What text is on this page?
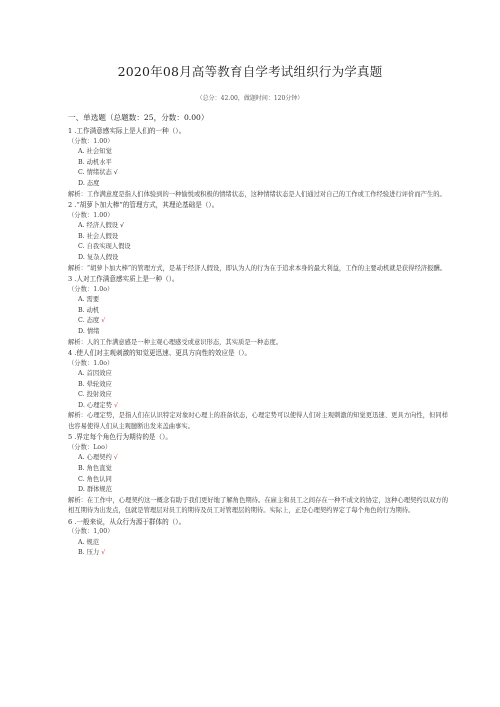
2020年08月高等教育自学考试组织行为学真题
（总分：42.00，做题时间：120分钟）
一、单选题（总题数：25，分数：0.00）
1 .工作满意感实际上是人们的一种（）。
（分数：1.00）
A. 社会知觉
B. 动机水平
C. 情绪状态 √
D. 态度
解析：工作满意度是指人们体验到的一种愉悦或积极的情绪状态，这种情绪状态是人们通过对自己的工作或工作经验进行评价而产生的。
2 .“胡萝卜加大棒”的管理方式，其理论基础是（）。
（分数：1.00）
A. 经济人假设 √
B. 社会人假设
C. 自我实现人假设
D. 复杂人假设
解析：“胡萝卜加大棒”的管理方式，是基于经济人假设，即认为人的行为在于追求本身的最大利益，工作的主要动机就是获得经济报酬。
3 .人对工作满意感实质上是一种（）。
（分数：1.0o）
A. 需要
B. 动机
C. 态度 √
D. 情绪
解析：人的工作满意感是一种主观心理感受或意识形态，其实质是一种态度。
4 .使人们对主观刺激的知觉更迅速、更具方向性的效应是（）。
（分数：1.0o）
A. 首因效应
B. 晕轮效应
C. 投射效应
D. 心理定势 √
解析：心理定势，是指人们在认识特定对象时心理上的准备状态，心理定势可以使得人们对主观刺激的知觉更迅速、更具方向性，但同样也容易使得人们从主观臆断出发来盖曲事实。
5 .界定每个角色行为期待的是（）。
（分数：Loo）
A. 心理契约 √
B. 角色直觉
C. 角色认同
D. 群体规范
解析：在工作中，心理契约这一概念有助于我们更好地了解角色期待。在雇主和员工之间存在一种不成文的协定，这种心理契约以双方的相互期待为出发点，包就是管理层对员工的期待及员工对管理层的期待。实际上，正是心理契约界定了每个角色的行为期待。
6 .一般来说，从众行为源于群体的（）。
（分数：1,00）
A. 规范
B. 压力 √
